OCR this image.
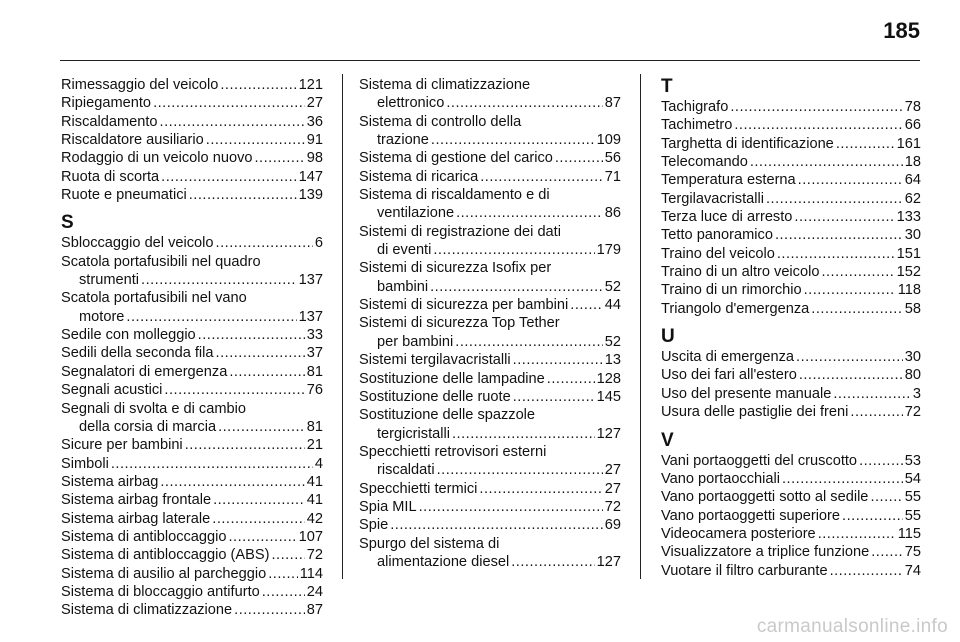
185
Rimessaggio del veicolo .....	121
Ripiegamento .....	27
Riscaldamento .....	36
Riscaldatore ausiliario .....	91
Rodaggio di un veicolo nuovo .....	98
Ruota di scorta .....	147
Ruote e pneumatici .....	139
S
Sbloccaggio del veicolo .....	6
Scatola portafusibili nel quadro
strumenti .....	137
Scatola portafusibili nel vano
motore .....	137
Sedile con molleggio .....	33
Sedili della seconda fila .....	37
Segnalatori di emergenza .....	81
Segnali acustici .....	76
Segnali di svolta e di cambio
della corsia di marcia .....	81
Sicure per bambini .....	21
Simboli .....	4
Sistema airbag .....	41
Sistema airbag frontale .....	41
Sistema airbag laterale .....	42
Sistema di antibloccaggio .....	107
Sistema di antibloccaggio (ABS) .....	72
Sistema di ausilio al parcheggio ..... 114
Sistema di bloccaggio antifurto .....	24
Sistema di climatizzazione .....	87
Sistema di climatizzazione
elettronico .....	87
Sistema di controllo della
trazione .....	109
Sistema di gestione del carico .....	56
Sistema di ricarica .....	71
Sistema di riscaldamento e di
ventilazione .....	86
Sistemi di registrazione dei dati
di eventi .....	179
Sistemi di sicurezza Isofix per
bambini .....	52
Sistemi di sicurezza per bambini .....	44
Sistemi di sicurezza Top Tether
per bambini .....	52
Sistemi tergilavacristalli .....	13
Sostituzione delle lampadine .....	128
Sostituzione delle ruote .....	145
Sostituzione delle spazzole
tergicristalli .....	127
Specchietti retrovisori esterni
riscaldati .....	27
Specchietti termici .....	27
Spia MIL .....	72
Spie .....	69
Spurgo del sistema di
alimentazione diesel .....	127
T
Tachigrafo .....	78
Tachimetro .....	66
Targhetta di identificazione .....	161
Telecomando .....	18
Temperatura esterna .....	64
Tergilavacristalli .....	62
Terza luce di arresto .....	133
Tetto panoramico .....	30
Traino del veicolo .....	151
Traino di un altro veicolo .....	152
Traino di un rimorchio .....	118
Triangolo d'emergenza .....	58
U
Uscita di emergenza .....	30
Uso dei fari all'estero .....	80
Uso del presente manuale .....	3
Usura delle pastiglie dei freni .....	72
V
Vani portaoggetti del cruscotto .....	53
Vano portaocchiali .....	54
Vano portaoggetti sotto al sedile ..... 55
Vano portaoggetti superiore .....	55
Videocamera posteriore .....	115
Visualizzatore a triplice funzione ..... 75
Vuotare il filtro carburante .....	74
carmanualsonline.info
